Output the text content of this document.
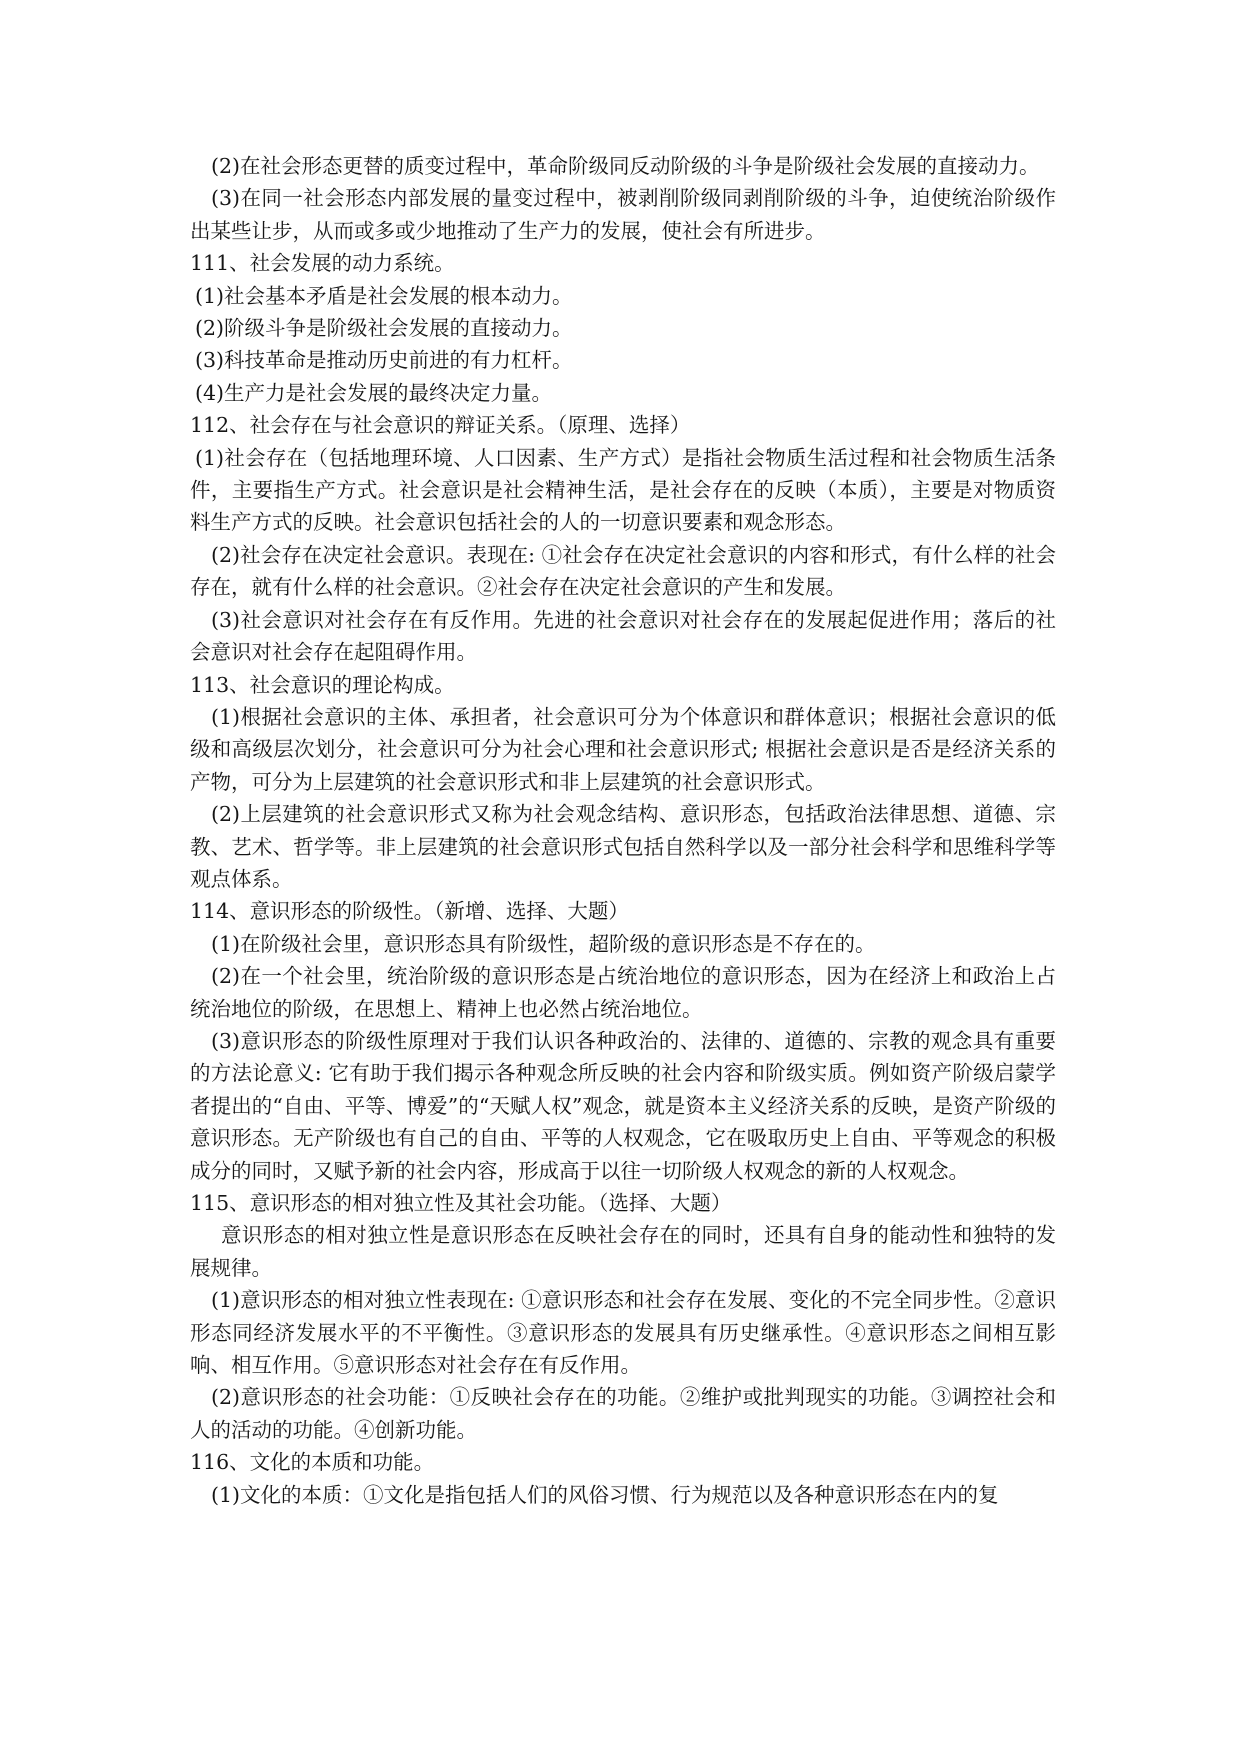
(2)在社会形态更替的质变过程中，革命阶级同反动阶级的斗争是阶级社会发展的直接动力。

(3)在同一社会形态内部发展的量变过程中，被剥削阶级同剥削阶级的斗争，迫使统治阶级作出某些让步，从而或多或少地推动了生产力的发展，使社会有所进步。

111、社会发展的动力系统。

(1)社会基本矛盾是社会发展的根本动力。

(2)阶级斗争是阶级社会发展的直接动力。

(3)科技革命是推动历史前进的有力杠杆。

(4)生产力是社会发展的最终决定力量。

112、社会存在与社会意识的辩证关系。（原理、选择）

(1)社会存在（包括地理环境、人口因素、生产方式）是指社会物质生活过程和社会物质生活条件，主要指生产方式。社会意识是社会精神生活，是社会存在的反映（本质），主要是对物质资料生产方式的反映。社会意识包括社会的人的一切意识要素和观念形态。

(2)社会存在决定社会意识。表现在: ①社会存在决定社会意识的内容和形式，有什么样的社会存在，就有什么样的社会意识。②社会存在决定社会意识的产生和发展。

(3)社会意识对社会存在有反作用。先进的社会意识对社会存在的发展起促进作用；落后的社会意识对社会存在起阻碍作用。

113、社会意识的理论构成。

(1)根据社会意识的主体、承担者，社会意识可分为个体意识和群体意识；根据社会意识的低级和高级层次划分，社会意识可分为社会心理和社会意识形式; 根据社会意识是否是经济关系的产物，可分为上层建筑的社会意识形式和非上层建筑的社会意识形式。

(2)上层建筑的社会意识形式又称为社会观念结构、意识形态，包括政治法律思想、道德、宗教、艺术、哲学等。非上层建筑的社会意识形式包括自然科学以及一部分社会科学和思维科学等观点体系。

114、意识形态的阶级性。（新增、选择、大题）

(1)在阶级社会里，意识形态具有阶级性，超阶级的意识形态是不存在的。

(2)在一个社会里，统治阶级的意识形态是占统治地位的意识形态，因为在经济上和政治上占统治地位的阶级，在思想上、精神上也必然占统治地位。

(3)意识形态的阶级性原理对于我们认识各种政治的、法律的、道德的、宗教的观念具有重要的方法论意义: 它有助于我们揭示各种观念所反映的社会内容和阶级实质。例如资产阶级启蒙学者提出的“自由、平等、博爱”的“天赋人权”观念，就是资本主义经济关系的反映，是资产阶级的意识形态。无产阶级也有自己的自由、平等的人权观念，它在吸取历史上自由、平等观念的积极成分的同时，又赋予新的社会内容，形成高于以往一切阶级人权观念的新的人权观念。

115、意识形态的相对独立性及其社会功能。（选择、大题）

意识形态的相对独立性是意识形态在反映社会存在的同时，还具有自身的能动性和独特的发展规律。

(1)意识形态的相对独立性表现在: ①意识形态和社会存在发展、变化的不完全同步性。②意识形态同经济发展水平的不平衡性。③意识形态的发展具有历史继承性。④意识形态之间相互影响、相互作用。⑤意识形态对社会存在有反作用。

(2)意识形态的社会功能：①反映社会存在的功能。②维护或批判现实的功能。③调控社会和人的活动的功能。④创新功能。

116、文化的本质和功能。

(1)文化的本质：①文化是指包括人们的风俗习惯、行为规范以及各种意识形态在内的复
